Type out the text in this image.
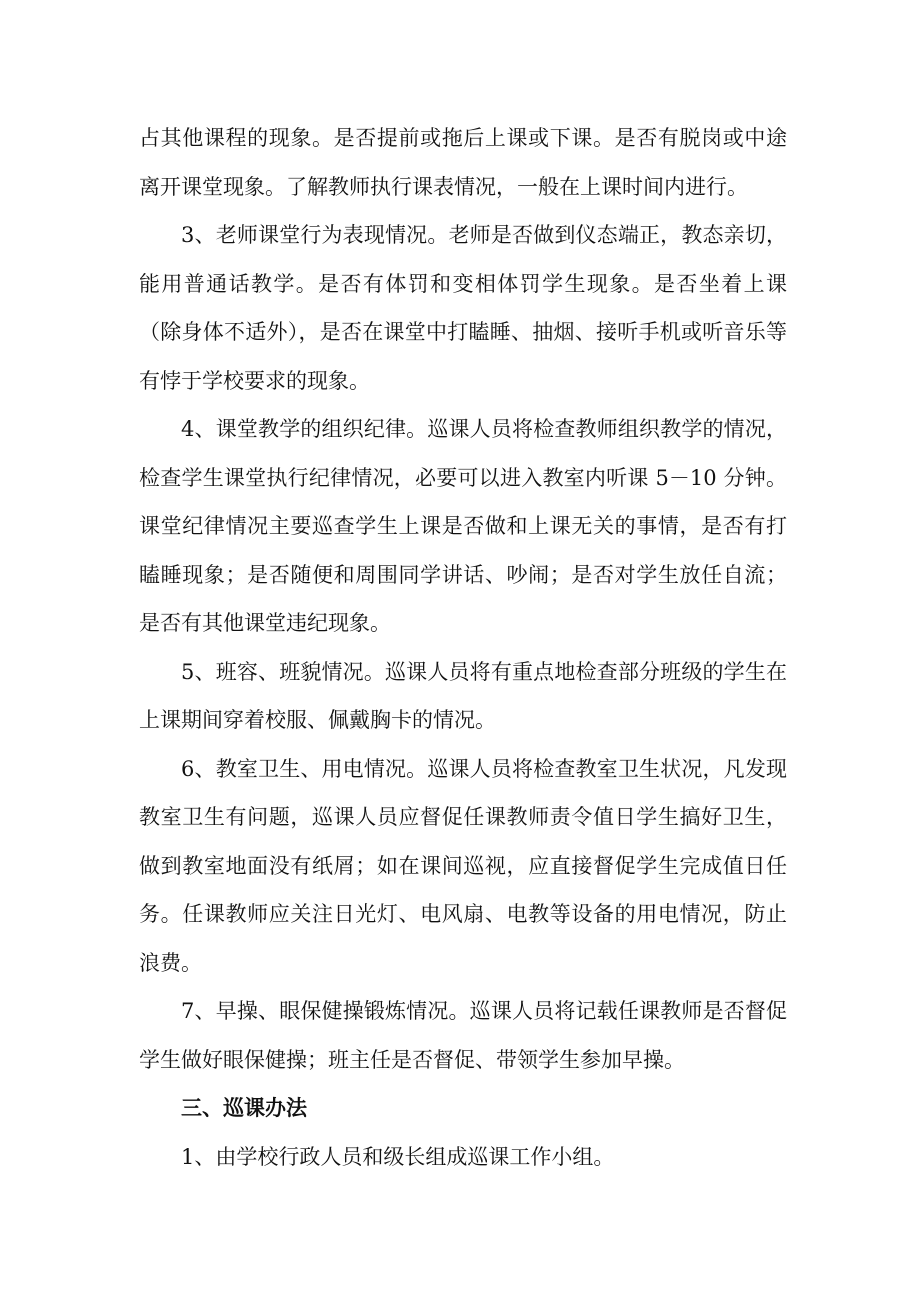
占其他课程的现象。是否提前或拖后上课或下课。是否有脱岗或中途离开课堂现象。了解教师执行课表情况，一般在上课时间内进行。

3、老师课堂行为表现情况。老师是否做到仪态端正，教态亲切，能用普通话教学。是否有体罚和变相体罚学生现象。是否坐着上课（除身体不适外），是否在课堂中打瞌睡、抽烟、接听手机或听音乐等有悖于学校要求的现象。

4、课堂教学的组织纪律。巡课人员将检查教师组织教学的情况，检查学生课堂执行纪律情况，必要可以进入教室内听课 5－10 分钟。课堂纪律情况主要巡查学生上课是否做和上课无关的事情，是否有打瞌睡现象；是否随便和周围同学讲话、吵闹；是否对学生放任自流；是否有其他课堂违纪现象。

5、班容、班貌情况。巡课人员将有重点地检查部分班级的学生在上课期间穿着校服、佩戴胸卡的情况。

6、教室卫生、用电情况。巡课人员将检查教室卫生状况，凡发现教室卫生有问题，巡课人员应督促任课教师责令值日学生搞好卫生，做到教室地面没有纸屑；如在课间巡视，应直接督促学生完成值日任务。任课教师应关注日光灯、电风扇、电教等设备的用电情况，防止浪费。

7、早操、眼保健操锻炼情况。巡课人员将记载任课教师是否督促学生做好眼保健操；班主任是否督促、带领学生参加早操。

三、巡课办法

1、由学校行政人员和级长组成巡课工作小组。
